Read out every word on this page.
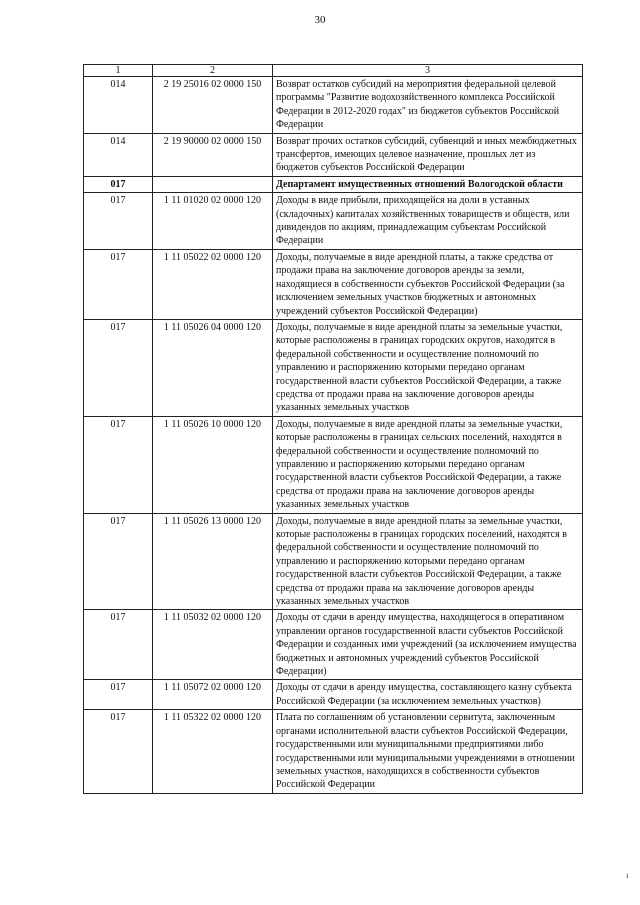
30
1	2	3
014	2 19 25016 02 0000 150	Возврат остатков субсидий на мероприятия федеральной целевой программы "Развитие водохозяйственного комплекса Российской Федерации в 2012-2020 годах" из бюджетов субъектов Российской Федерации
014	2 19 90000 02 0000 150	Возврат прочих остатков субсидий, субвенций и иных межбюджетных трансфертов, имеющих целевое назначение, прошлых лет из бюджетов субъектов Российской Федерации
017		Департамент имущественных отношений Вологодской области
017	1 11 01020 02 0000 120	Доходы в виде прибыли, приходящейся на доли в уставных (складочных) капиталах хозяйственных товариществ и обществ, или дивидендов по акциям, принадлежащим субъектам Российской Федерации
017	1 11 05022 02 0000 120	Доходы, получаемые в виде арендной платы, а также средства от продажи права на заключение договоров аренды за земли, находящиеся в собственности субъектов Российской Федерации (за исключением земельных участков бюджетных и автономных учреждений субъектов Российской Федерации)
017	1 11 05026 04 0000 120	Доходы, получаемые в виде арендной платы за земельные участки, которые расположены в границах городских округов, находятся в федеральной собственности и осуществление полномочий по управлению и распоряжению которыми передано органам государственной власти субъектов Российской Федерации, а также средства от продажи права на заключение договоров аренды указанных земельных участков
017	1 11 05026 10 0000 120	Доходы, получаемые в виде арендной платы за земельные участки, которые расположены в границах сельских поселений, находятся в федеральной собственности и осуществление полномочий по управлению и распоряжению которыми передано органам государственной власти субъектов Российской Федерации, а также средства от продажи права на заключение договоров аренды указанных земельных участков
017	1 11 05026 13 0000 120	Доходы, получаемые в виде арендной платы за земельные участки, которые расположены в границах городских поселений, находятся в федеральной собственности и осуществление полномочий по управлению и распоряжению которыми передано органам государственной власти субъектов Российской Федерации, а также средства от продажи права на заключение договоров аренды указанных земельных участков
017	1 11 05032 02 0000 120	Доходы от сдачи в аренду имущества, находящегося в оперативном управлении органов государственной власти субъектов Российской Федерации и созданных ими учреждений (за исключением имущества бюджетных и автономных учреждений субъектов Российской Федерации)
017	1 11 05072 02 0000 120	Доходы от сдачи в аренду имущества, составляющего казну субъекта Российской Федерации (за исключением земельных участков)
017	1 11 05322 02 0000 120	Плата по соглашениям об установлении сервитута, заключенным органами исполнительной власти субъектов Российской Федерации, государственными или муниципальными предприятиями либо государственными или муниципальными учреждениями в отношении земельных участков, находящихся в собственности субъектов Российской Федерации
ı
